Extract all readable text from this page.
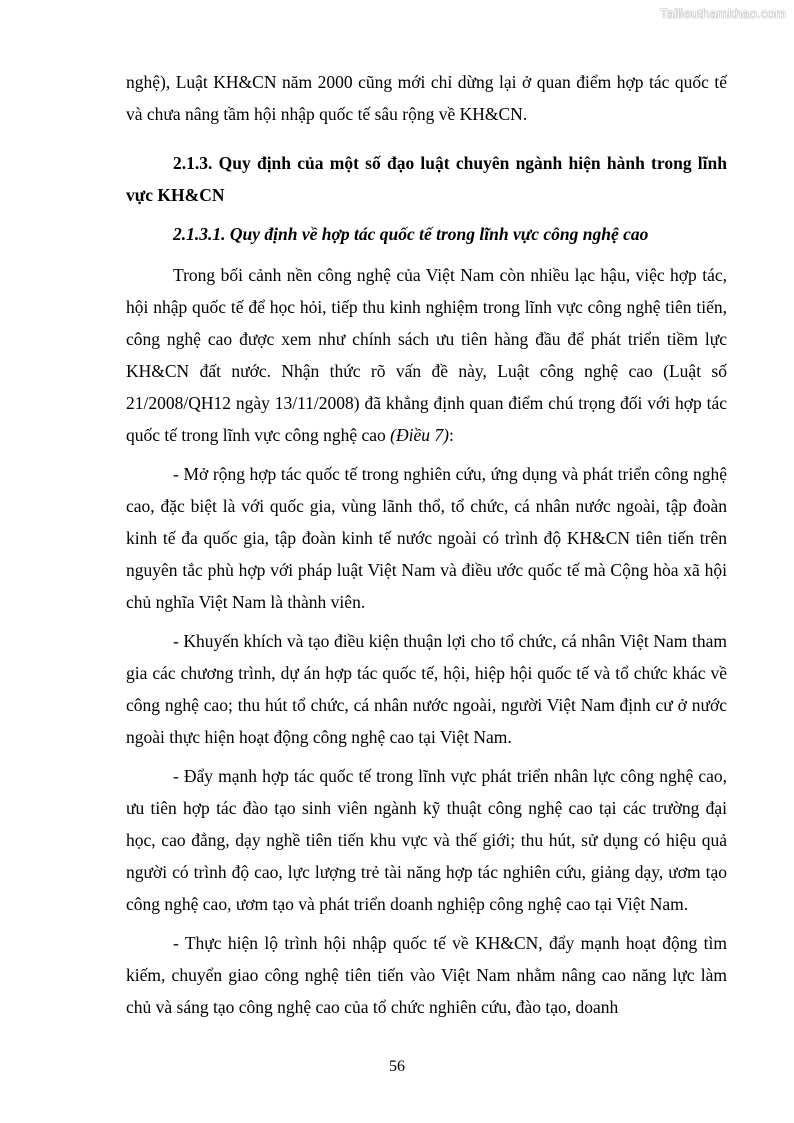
Tailieuthamkhao.com

nghệ), Luật KH&CN năm 2000 cũng mới chỉ dừng lại ở quan điểm hợp tác quốc tế và chưa nâng tầm hội nhập quốc tế sâu rộng về KH&CN.

2.1.3. Quy định của một số đạo luật chuyên ngành hiện hành trong lĩnh vực KH&CN

2.1.3.1. Quy định về hợp tác quốc tế trong lĩnh vực công nghệ cao

Trong bối cảnh nền công nghệ của Việt Nam còn nhiều lạc hậu, việc hợp tác, hội nhập quốc tế để học hỏi, tiếp thu kinh nghiệm trong lĩnh vực công nghệ tiên tiến, công nghệ cao được xem như chính sách ưu tiên hàng đầu để phát triển tiềm lực KH&CN đất nước. Nhận thức rõ vấn đề này, Luật công nghệ cao (Luật số 21/2008/QH12 ngày 13/11/2008) đã khẳng định quan điểm chú trọng đối với hợp tác quốc tế trong lĩnh vực công nghệ cao (Điều 7):

- Mở rộng hợp tác quốc tế trong nghiên cứu, ứng dụng và phát triển công nghệ cao, đặc biệt là với quốc gia, vùng lãnh thổ, tổ chức, cá nhân nước ngoài, tập đoàn kinh tế đa quốc gia, tập đoàn kinh tế nước ngoài có trình độ KH&CN tiên tiến trên nguyên tắc phù hợp với pháp luật Việt Nam và điều ước quốc tế mà Cộng hòa xã hội chủ nghĩa Việt Nam là thành viên.

- Khuyến khích và tạo điều kiện thuận lợi cho tổ chức, cá nhân Việt Nam tham gia các chương trình, dự án hợp tác quốc tế, hội, hiệp hội quốc tế và tổ chức khác về công nghệ cao; thu hút tổ chức, cá nhân nước ngoài, người Việt Nam định cư ở nước ngoài thực hiện hoạt động công nghệ cao tại Việt Nam.

- Đẩy mạnh hợp tác quốc tế trong lĩnh vực phát triển nhân lực công nghệ cao, ưu tiên hợp tác đào tạo sinh viên ngành kỹ thuật công nghệ cao tại các trường đại học, cao đẳng, dạy nghề tiên tiến khu vực và thế giới; thu hút, sử dụng có hiệu quả người có trình độ cao, lực lượng trẻ tài năng hợp tác nghiên cứu, giảng dạy, ươm tạo công nghệ cao, ươm tạo và phát triển doanh nghiệp công nghệ cao tại Việt Nam.

- Thực hiện lộ trình hội nhập quốc tế về KH&CN, đẩy mạnh hoạt động tìm kiếm, chuyển giao công nghệ tiên tiến vào Việt Nam nhằm nâng cao năng lực làm chủ và sáng tạo công nghệ cao của tổ chức nghiên cứu, đào tạo, doanh

56
